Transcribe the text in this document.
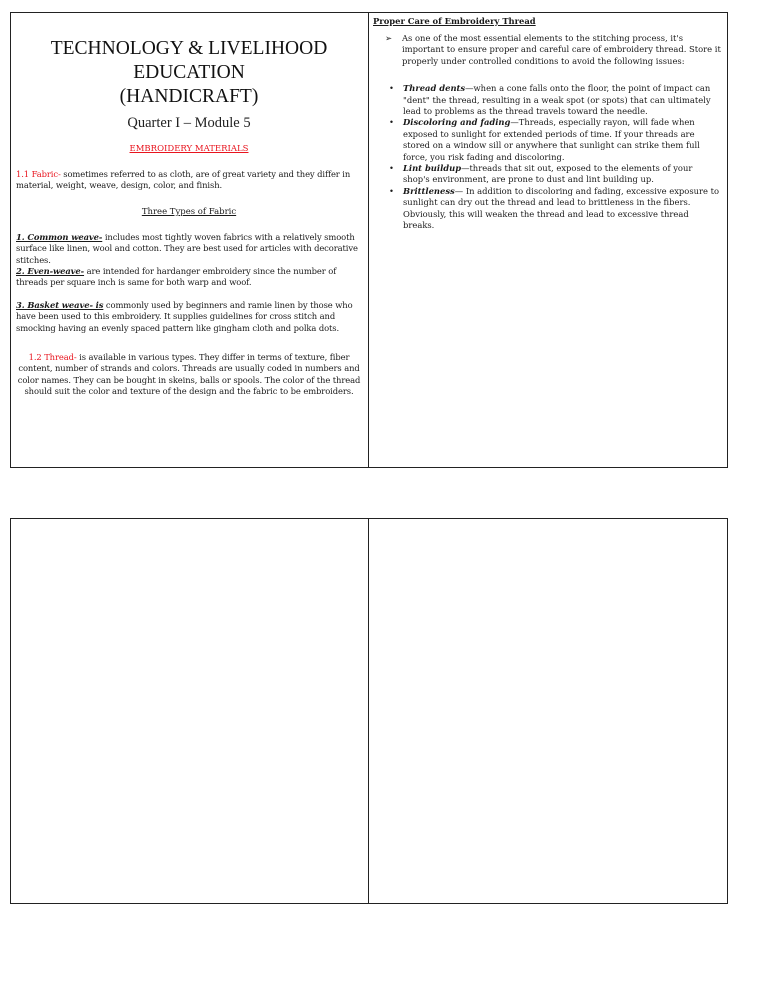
TECHNOLOGY & LIVELIHOOD
EDUCATION
(HANDICRAFT)
Quarter I – Module 5
EMBROIDERY MATERIALS

1.1 Fabric- sometimes referred to as cloth, are of great variety and they differ in material, weight, weave, design, color, and finish.

Three Types of Fabric

1. Common weave- includes most tightly woven fabrics with a relatively smooth surface like linen, wool and cotton. They are best used for articles with decorative stitches.

2. Even-weave- are intended for hardanger embroidery since the number of threads per square inch is same for both warp and woof.

3. Basket weave- is commonly used by beginners and ramie linen by those who have been used to this embroidery. It supplies guidelines for cross stitch and smocking having an evenly spaced pattern like gingham cloth and polka dots.

1.2 Thread- is available in various types. They differ in terms of texture, fiber content, number of strands and colors. Threads are usually coded in numbers and color names. They can be bought in skeins, balls or spools. The color of the thread should suit the color and texture of the design and the fabric to be embroiders.

Proper Care of Embroidery Thread
➢	As one of the most essential elements to the stitching process, it's important to ensure proper and careful care of embroidery thread. Store it properly under controlled conditions to avoid the following issues:
•	Thread dents—when a cone falls onto the floor, the point of impact can "dent" the thread, resulting in a weak spot (or spots) that can ultimately lead to problems as the thread travels toward the needle.
•	Discoloring and fading—Threads, especially rayon, will fade when exposed to sunlight for extended periods of time. If your threads are stored on a window sill or anywhere that sunlight can strike them full force, you risk fading and discoloring.
•	Lint buildup—threads that sit out, exposed to the elements of your shop's environment, are prone to dust and lint building up.
•	Brittleness— In addition to discoloring and fading, excessive exposure to sunlight can dry out the thread and lead to brittleness in the fibers. Obviously, this will weaken the thread and lead to excessive thread breaks.
